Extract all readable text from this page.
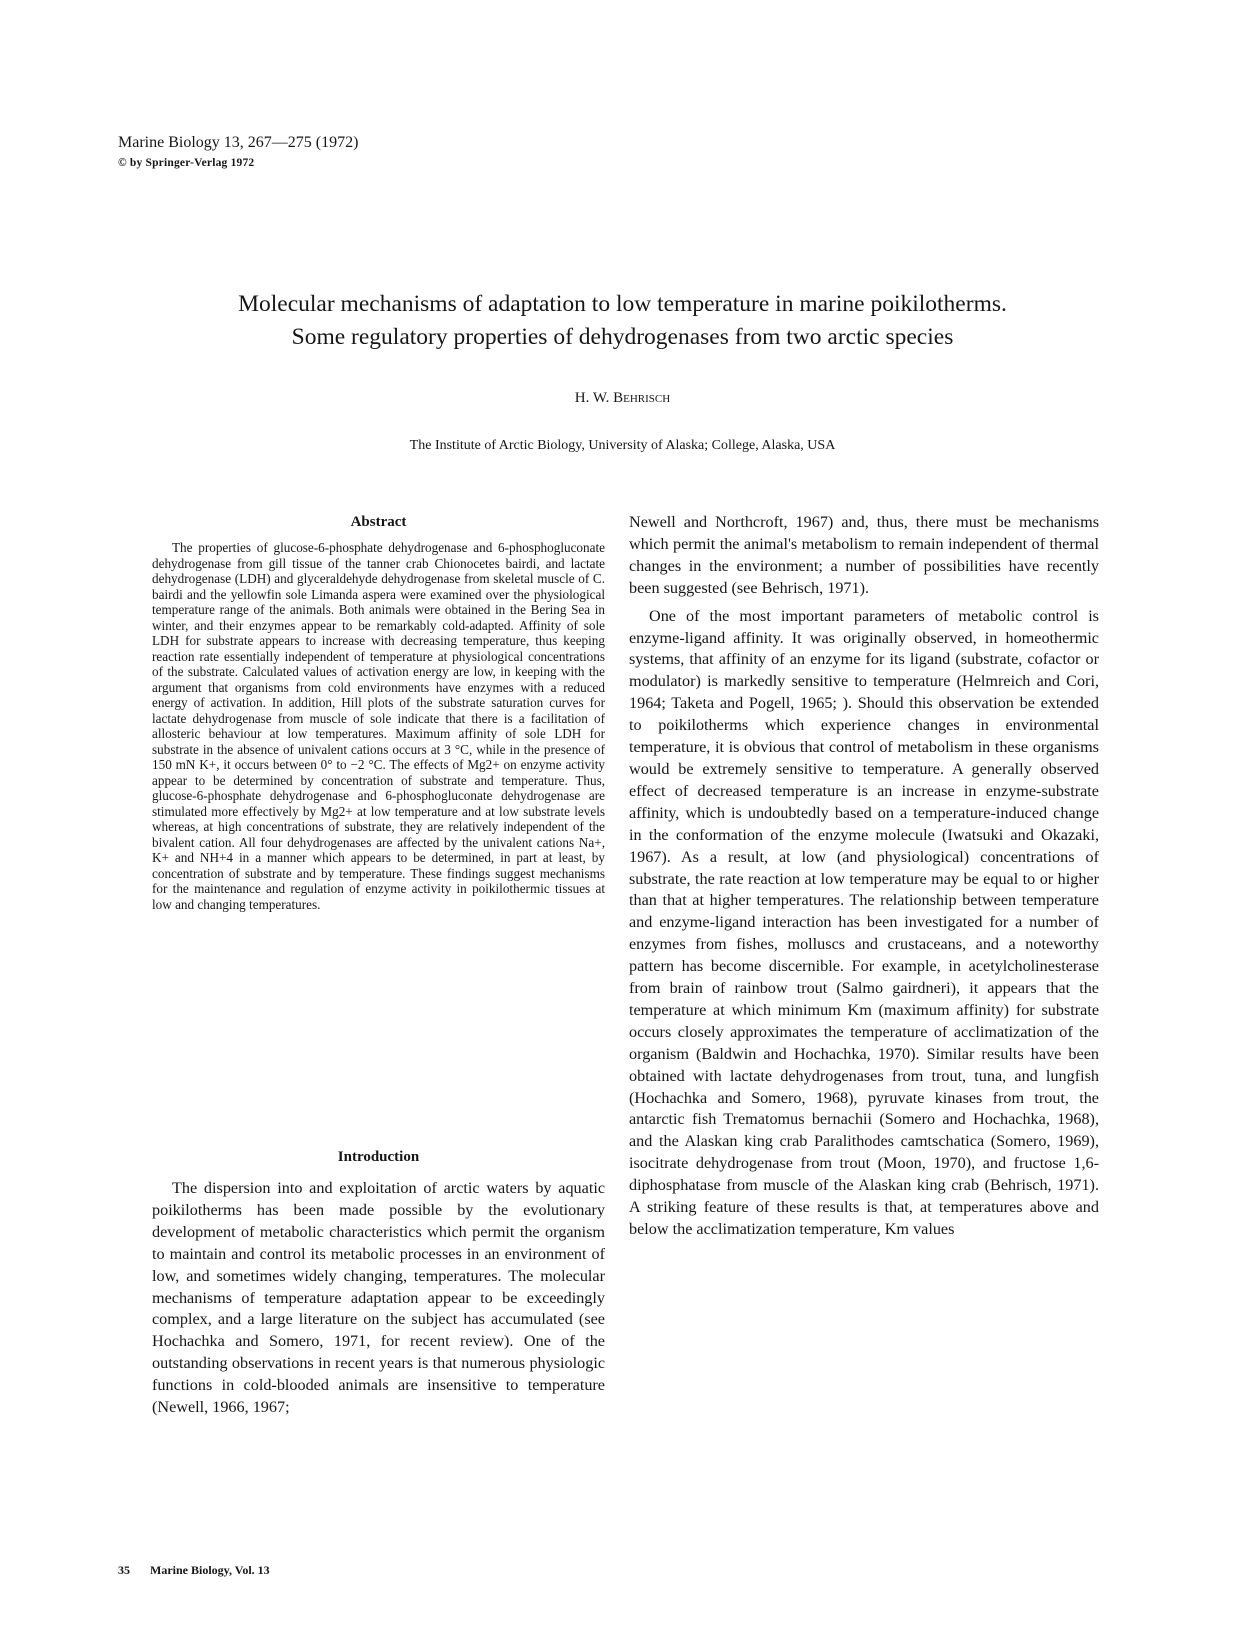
Marine Biology 13, 267—275 (1972)
© by Springer-Verlag 1972
Molecular mechanisms of adaptation to low temperature in marine poikilotherms.
Some regulatory properties of dehydrogenases from two arctic species
H. W. Behrisch
The Institute of Arctic Biology, University of Alaska; College, Alaska, USA
Abstract

The properties of glucose-6-phosphate dehydrogenase and 6-phosphogluconate dehydrogenase from gill tissue of the tanner crab Chionocetes bairdi, and lactate dehydrogenase (LDH) and glyceraldehyde dehydrogenase from skeletal muscle of C. bairdi and the yellowfin sole Limanda aspera were examined over the physiological temperature range of the animals. Both animals were obtained in the Bering Sea in winter, and their enzymes appear to be remarkably cold-adapted. Affinity of sole LDH for substrate appears to increase with decreasing temperature, thus keeping reaction rate essentially independent of temperature at physiological concentrations of the substrate. Calculated values of activation energy are low, in keeping with the argument that organisms from cold environments have enzymes with a reduced energy of activation. In addition, Hill plots of the substrate saturation curves for lactate dehydrogenase from muscle of sole indicate that there is a facilitation of allosteric behaviour at low temperatures. Maximum affinity of sole LDH for substrate in the absence of univalent cations occurs at 3 °C, while in the presence of 150 mN K+, it occurs between 0° to −2 °C. The effects of Mg2+ on enzyme activity appear to be determined by concentration of substrate and temperature. Thus, glucose-6-phosphate dehydrogenase and 6-phosphogluconate dehydrogenase are stimulated more effectively by Mg2+ at low temperature and at low substrate levels whereas, at high concentrations of substrate, they are relatively independent of the bivalent cation. All four dehydrogenases are affected by the univalent cations Na+, K+ and NH+4 in a manner which appears to be determined, in part at least, by concentration of substrate and by temperature. These findings suggest mechanisms for the maintenance and regulation of enzyme activity in poikilothermic tissues at low and changing temperatures.

Introduction

The dispersion into and exploitation of arctic waters by aquatic poikilotherms has been made possible by the evolutionary development of metabolic characteristics which permit the organism to maintain and control its metabolic processes in an environment of low, and sometimes widely changing, temperatures. The molecular mechanisms of temperature adaptation appear to be exceedingly complex, and a large literature on the subject has accumulated (see Hochachka and Somero, 1971, for recent review). One of the outstanding observations in recent years is that numerous physiologic functions in cold-blooded animals are insensitive to temperature (Newell, 1966, 1967;

Newell and Northcroft, 1967) and, thus, there must be mechanisms which permit the animal's metabolism to remain independent of thermal changes in the environment; a number of possibilities have recently been suggested (see Behrisch, 1971).

One of the most important parameters of metabolic control is enzyme-ligand affinity. It was originally observed, in homeothermic systems, that affinity of an enzyme for its ligand (substrate, cofactor or modulator) is markedly sensitive to temperature (Helmreich and Cori, 1964; Taketa and Pogell, 1965; ). Should this observation be extended to poikilotherms which experience changes in environmental temperature, it is obvious that control of metabolism in these organisms would be extremely sensitive to temperature. A generally observed effect of decreased temperature is an increase in enzyme-substrate affinity, which is undoubtedly based on a temperature-induced change in the conformation of the enzyme molecule (Iwatsuki and Okazaki, 1967). As a result, at low (and physiological) concentrations of substrate, the rate reaction at low temperature may be equal to or higher than that at higher temperatures. The relationship between temperature and enzyme-ligand interaction has been investigated for a number of enzymes from fishes, molluscs and crustaceans, and a noteworthy pattern has become discernible. For example, in acetylcholinesterase from brain of rainbow trout (Salmo gairdneri), it appears that the temperature at which minimum Km (maximum affinity) for substrate occurs closely approximates the temperature of acclimatization of the organism (Baldwin and Hochachka, 1970). Similar results have been obtained with lactate dehydrogenases from trout, tuna, and lungfish (Hochachka and Somero, 1968), pyruvate kinases from trout, the antarctic fish Trematomus bernachii (Somero and Hochachka, 1968), and the Alaskan king crab Paralithodes camtschatica (Somero, 1969), isocitrate dehydrogenase from trout (Moon, 1970), and fructose 1,6-diphosphatase from muscle of the Alaskan king crab (Behrisch, 1971). A striking feature of these results is that, at temperatures above and below the acclimatization temperature, Km values

35 Marine Biology, Vol. 13
